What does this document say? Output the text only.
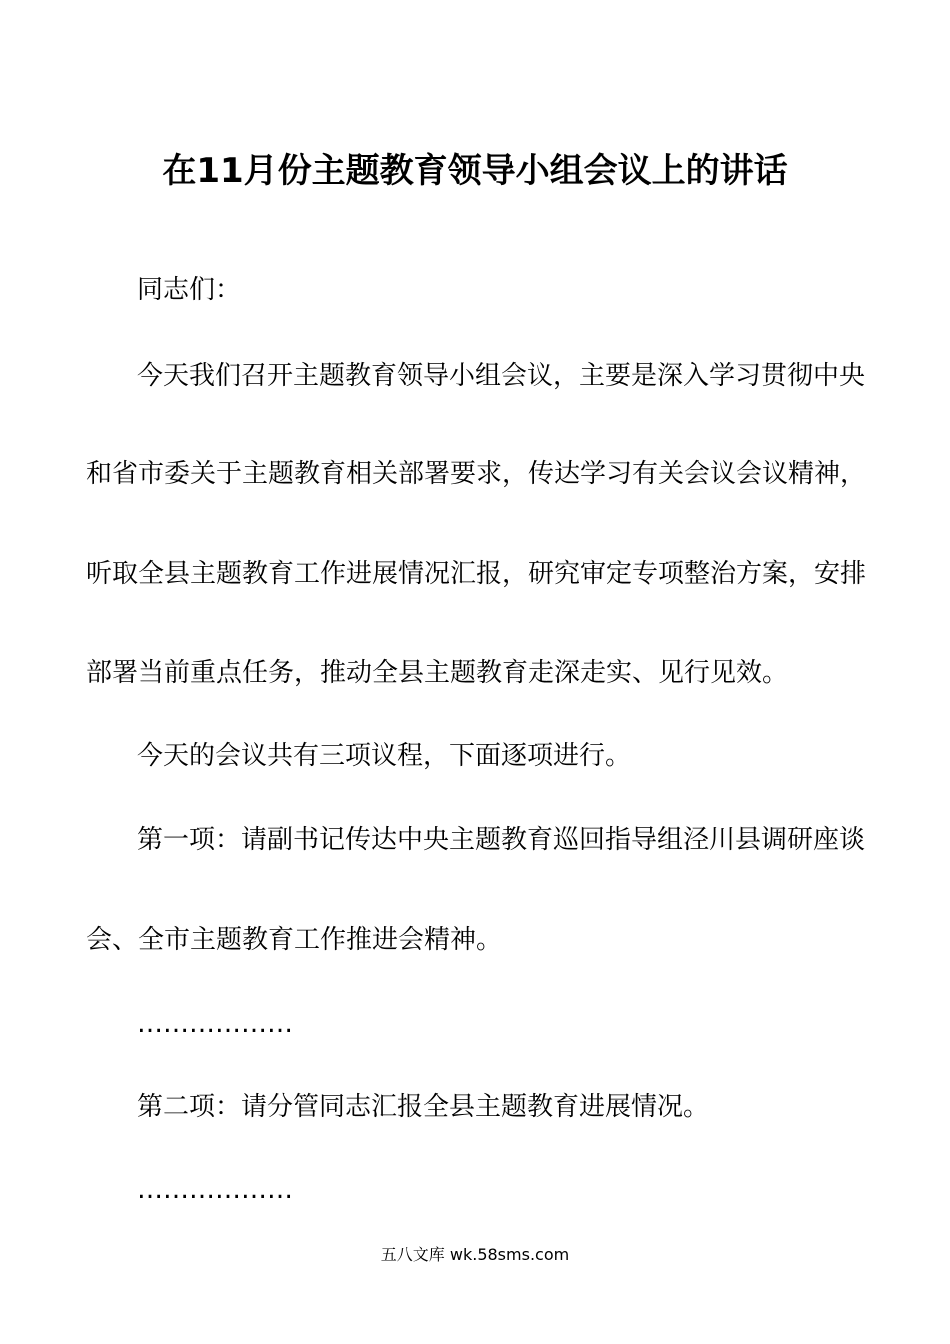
在11月份主题教育领导小组会议上的讲话
同志们：
今天我们召开主题教育领导小组会议，主要是深入学习贯彻中央
和省市委关于主题教育相关部署要求，传达学习有关会议会议精神，
听取全县主题教育工作进展情况汇报，研究审定专项整治方案，安排
部署当前重点任务，推动全县主题教育走深走实、见行见效。
今天的会议共有三项议程，下面逐项进行。
第一项：请副书记传达中央主题教育巡回指导组泾川县调研座谈
会、全市主题教育工作推进会精神。
………………
第二项：请分管同志汇报全县主题教育进展情况。
………………
五八文库 wk.58sms.com
